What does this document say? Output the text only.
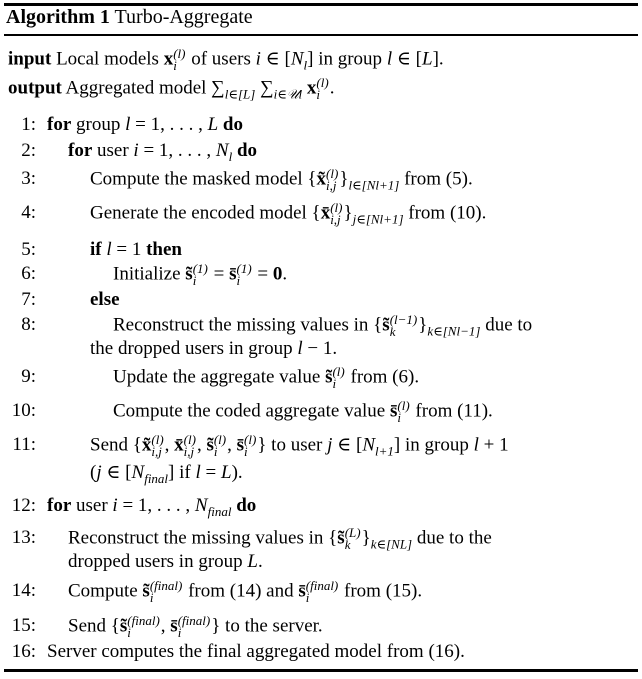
Algorithm 1 Turbo-Aggregate
input Local models x (l)
i of users i ∈ $[N_l]$ in group l ∈ [L].
output Aggregated model $\sum_{l\in[L]}$ $\sum_{i\in 𝒰l}$ x (l)
i .
1: for group l = 1, . . . , L do
2: for user i = 1, . . . , $N_l$ do
3:	Compute the masked model {x̃ (l)
i,j }$_{l\in[Nl+1]}$ from (5).
4:	Generate the encoded model {x̄ (l)
i,j }$_{j\in[Nl+1]}$ from (10).
5:	if l = 1 then
6:	Initialize s̃ (1)
i = s̄ (1)
i = 0.
7:	else
8:	Reconstruct the missing values in {s̃ (l−1)
k	}$_{k\in[Nl-1]}$ due to
the dropped users in group l − 1.
9:	Update the aggregate value s̃ (l)
i from (6).
10:	Compute the coded aggregate value s̄ (l)
i from (11).
11:	Send {x̃ (l)
i,j , x̄ (l)
i,j , s̃ (l)
i , s̄ (l)
i } to user j ∈ $[N_{l+1}]$ in group l + 1
(j ∈ $[N_{final}]$ if l = L).
12: for user i = 1, . . . , $N_{final}$ do
13: Reconstruct the missing values in {s̃ (L)
k }$_{k\in[NL]}$ due to the
dropped users in group L.
14: Compute s̃ (final)
i	from (14) and s̄ (final)
i	from (15).
15: Send {s̃ (final)
i	, s̄ (final)
i	} to the server.
16: Server computes the final aggregated model from (16).
